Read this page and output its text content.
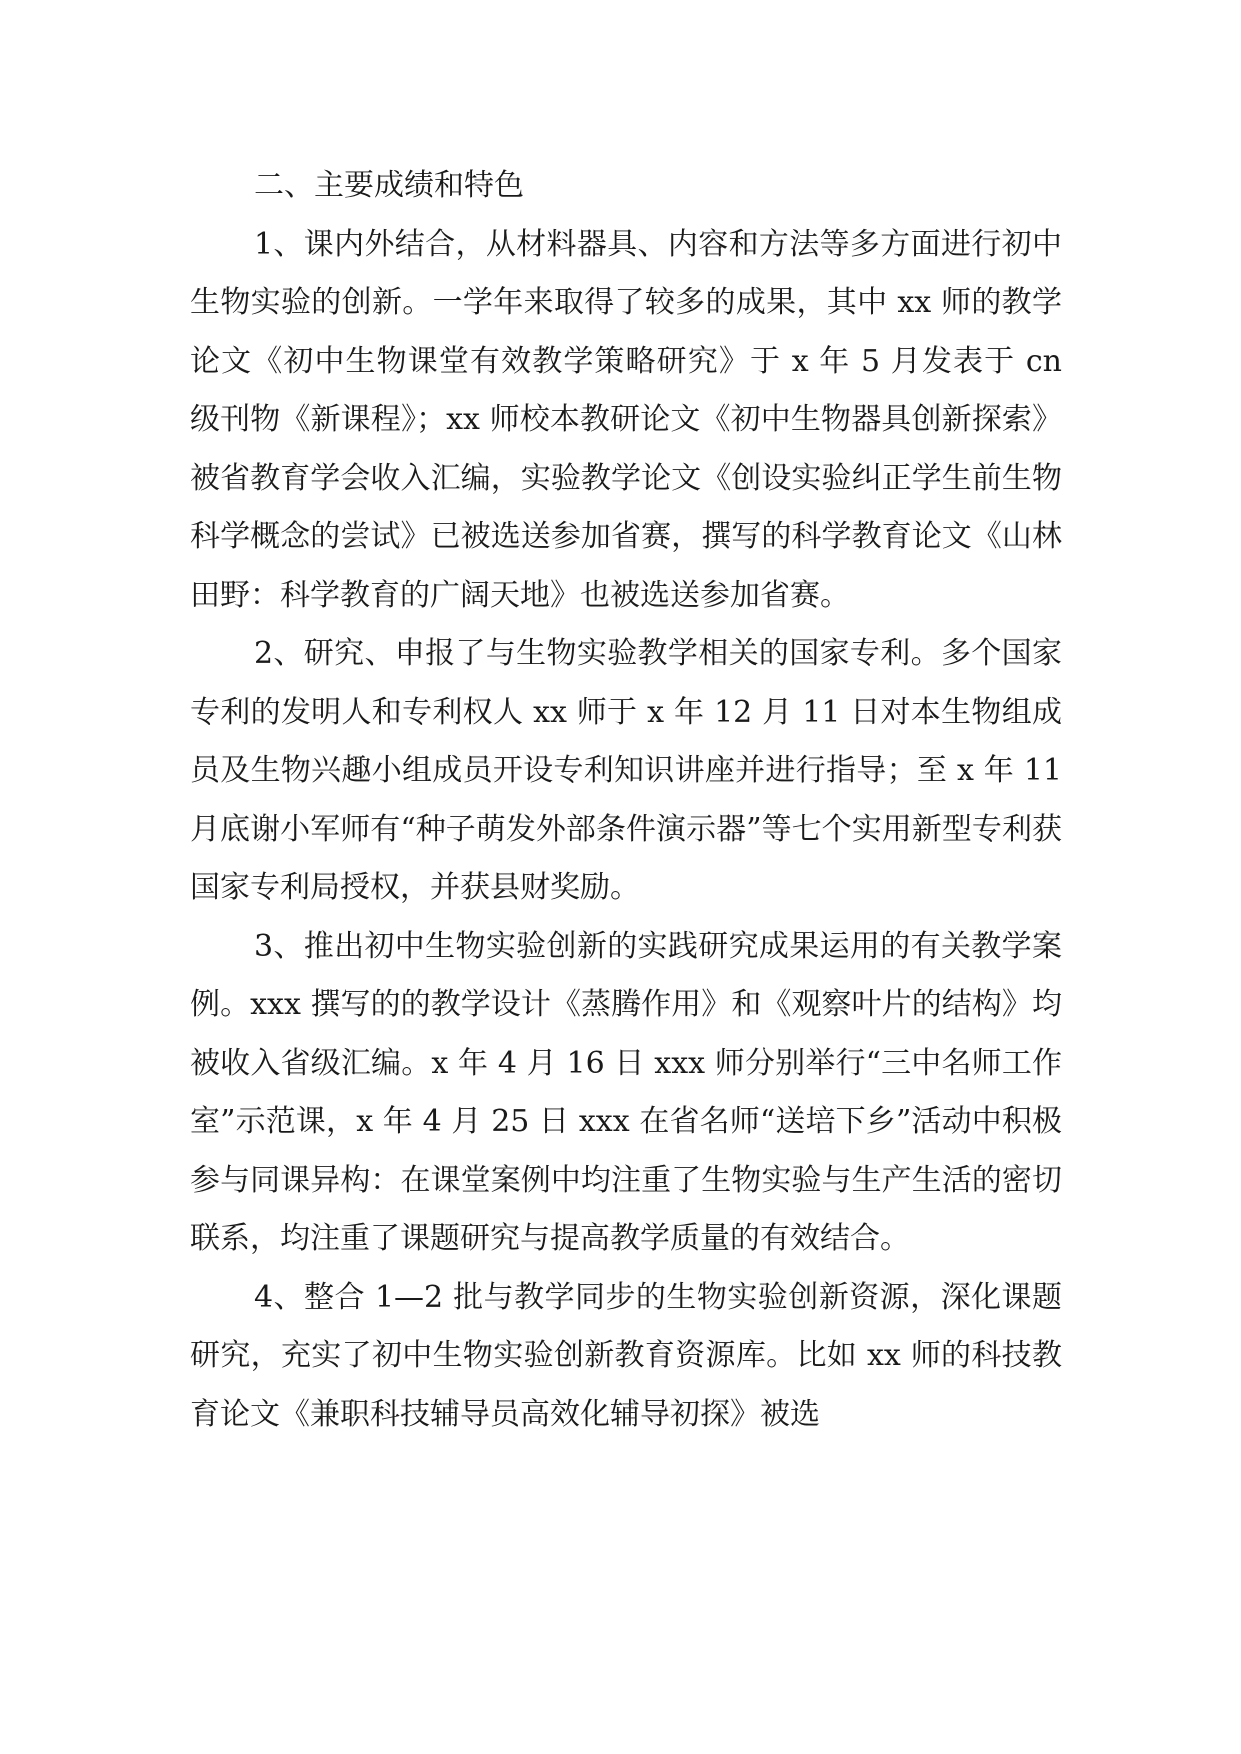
二、主要成绩和特色

1、课内外结合，从材料器具、内容和方法等多方面进行初中生物实验的创新。一学年来取得了较多的成果，其中 xx 师的教学论文《初中生物课堂有效教学策略研究》于 x 年 5 月发表于 cn 级刊物《新课程》；xx 师校本教研论文《初中生物器具创新探索》被省教育学会收入汇编，实验教学论文《创设实验纠正学生前生物科学概念的尝试》已被选送参加省赛，撰写的科学教育论文《山林田野：科学教育的广阔天地》也被选送参加省赛。

2、研究、申报了与生物实验教学相关的国家专利。多个国家专利的发明人和专利权人 xx 师于 x 年 12 月 11 日对本生物组成员及生物兴趣小组成员开设专利知识讲座并进行指导；至 x 年 11 月底谢小军师有“种子萌发外部条件演示器”等七个实用新型专利获国家专利局授权，并获县财奖励。

3、推出初中生物实验创新的实践研究成果运用的有关教学案例。xxx 撰写的的教学设计《蒸腾作用》和《观察叶片的结构》均被收入省级汇编。x 年 4 月 16 日 xxx 师分别举行“三中名师工作室”示范课，x 年 4 月 25 日 xxx 在省名师“送培下乡”活动中积极参与同课异构：在课堂案例中均注重了生物实验与生产生活的密切联系，均注重了课题研究与提高教学质量的有效结合。

4、整合 1—2 批与教学同步的生物实验创新资源，深化课题研究，充实了初中生物实验创新教育资源库。比如 xx 师的科技教育论文《兼职科技辅导员高效化辅导初探》被选
